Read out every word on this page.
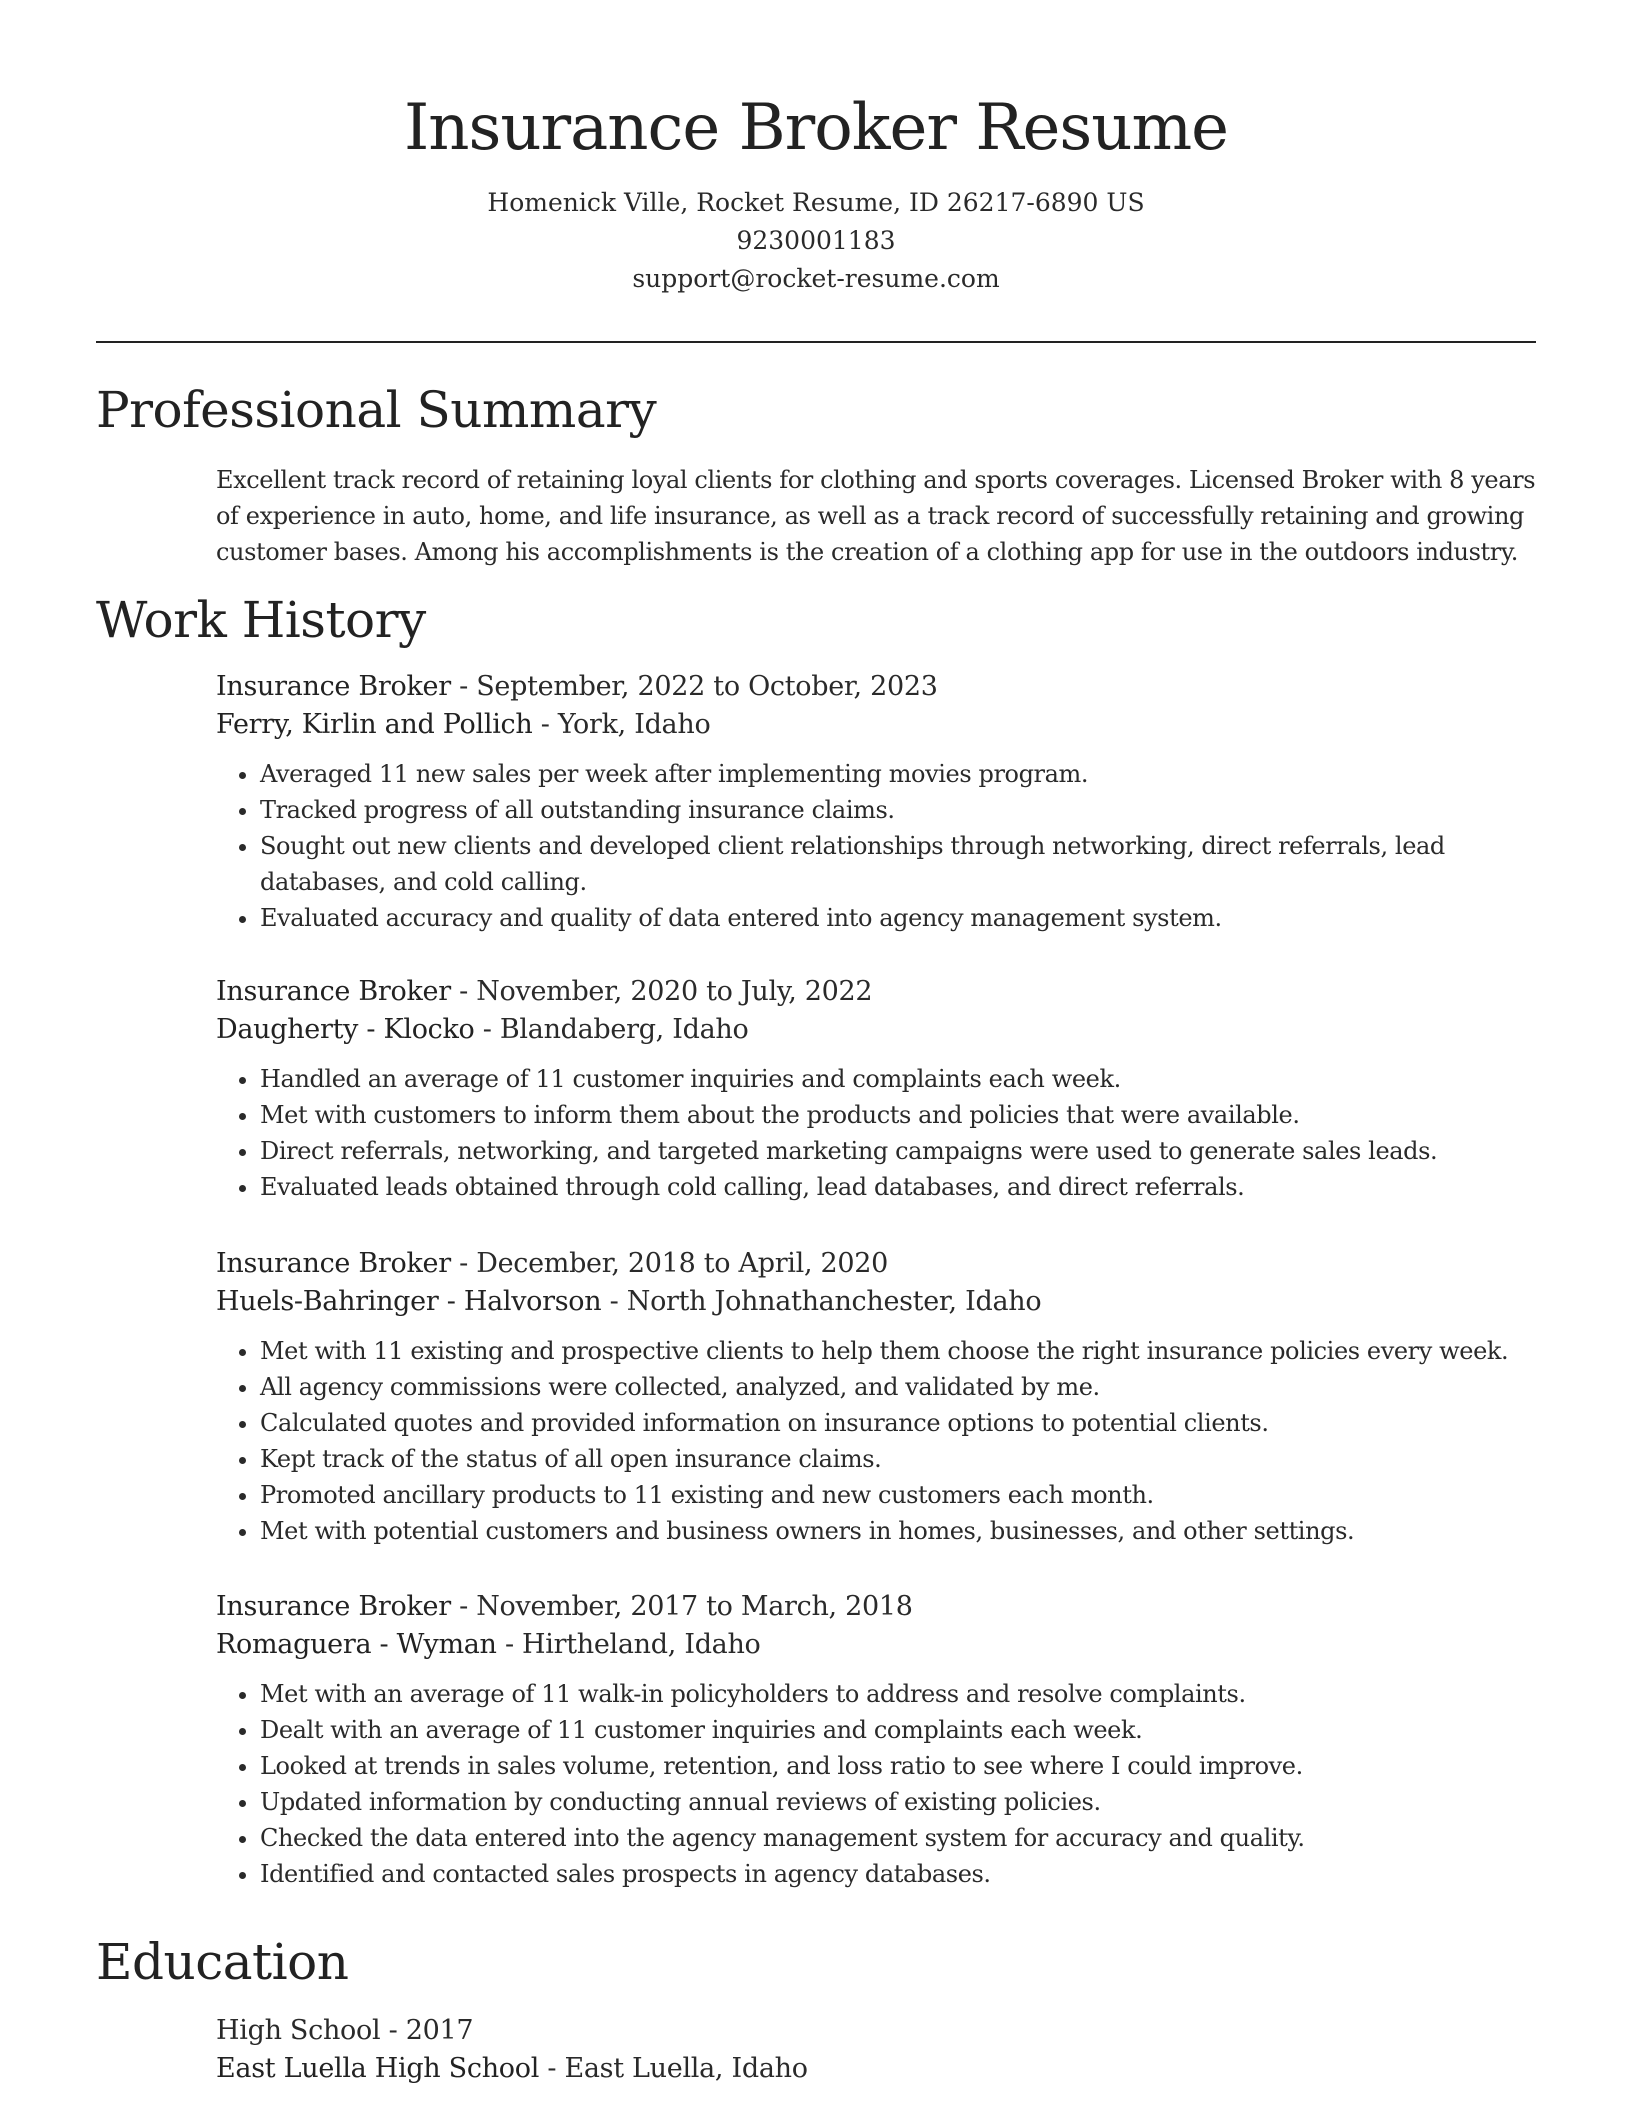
Insurance Broker Resume
Homenick Ville, Rocket Resume, ID 26217-6890 US
9230001183
support@rocket-resume.com
Professional Summary

Excellent track record of retaining loyal clients for clothing and sports coverages. Licensed Broker with 8 years of experience in auto, home, and life insurance, as well as a track record of successfully retaining and growing customer bases. Among his accomplishments is the creation of a clothing app for use in the outdoors industry.

Work History
Insurance Broker - September, 2022 to October, 2023
Ferry, Kirlin and Pollich - York, Idaho
• Averaged 11 new sales per week after implementing movies program.
• Tracked progress of all outstanding insurance claims.
• Sought out new clients and developed client relationships through networking, direct referrals, lead databases, and cold calling.
• Evaluated accuracy and quality of data entered into agency management system.
Insurance Broker - November, 2020 to July, 2022
Daugherty - Klocko - Blandaberg, Idaho
• Handled an average of 11 customer inquiries and complaints each week.
• Met with customers to inform them about the products and policies that were available.
• Direct referrals, networking, and targeted marketing campaigns were used to generate sales leads.
• Evaluated leads obtained through cold calling, lead databases, and direct referrals.
Insurance Broker - December, 2018 to April, 2020
Huels-Bahringer - Halvorson - North Johnathanchester, Idaho
• Met with 11 existing and prospective clients to help them choose the right insurance policies every week.
• All agency commissions were collected, analyzed, and validated by me.
• Calculated quotes and provided information on insurance options to potential clients.
• Kept track of the status of all open insurance claims.
• Promoted ancillary products to 11 existing and new customers each month.
• Met with potential customers and business owners in homes, businesses, and other settings.
Insurance Broker - November, 2017 to March, 2018
Romaguera - Wyman - Hirtheland, Idaho
• Met with an average of 11 walk-in policyholders to address and resolve complaints.
• Dealt with an average of 11 customer inquiries and complaints each week.
• Looked at trends in sales volume, retention, and loss ratio to see where I could improve.
• Updated information by conducting annual reviews of existing policies.
• Checked the data entered into the agency management system for accuracy and quality.
• Identified and contacted sales prospects in agency databases.
Education
High School - 2017
East Luella High School - East Luella, Idaho
